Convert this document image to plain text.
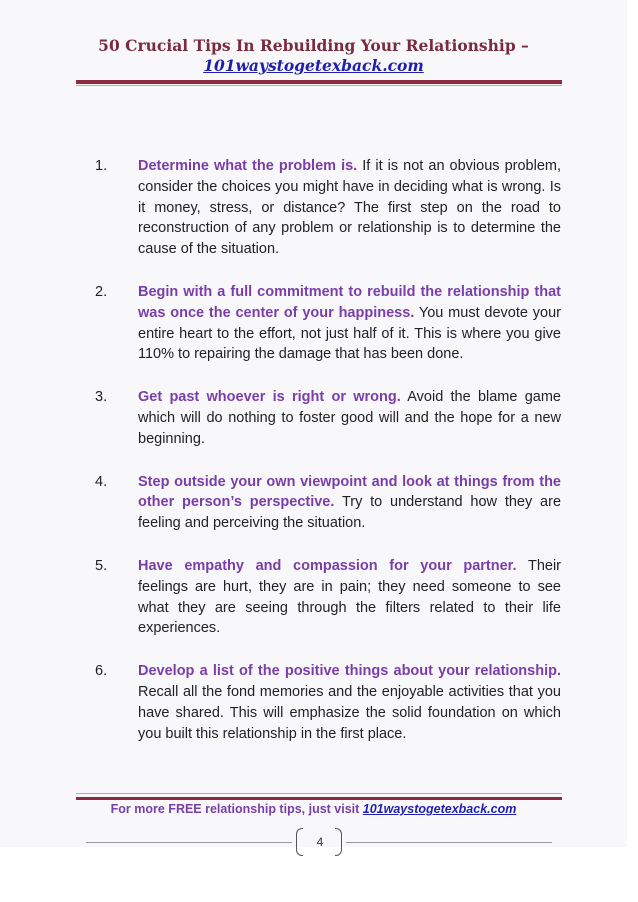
50 Crucial Tips In Rebuilding Your Relationship –
101waystogetexback.com
1. Determine what the problem is. If it is not an obvious problem, consider the choices you might have in deciding what is wrong. Is it money, stress, or distance? The first step on the road to reconstruction of any problem or relationship is to determine the cause of the situation.
2. Begin with a full commitment to rebuild the relationship that was once the center of your happiness. You must devote your entire heart to the effort, not just half of it. This is where you give 110% to repairing the damage that has been done.
3. Get past whoever is right or wrong. Avoid the blame game which will do nothing to foster good will and the hope for a new beginning.
4. Step outside your own viewpoint and look at things from the other person’s perspective. Try to understand how they are feeling and perceiving the situation.
5. Have empathy and compassion for your partner. Their feelings are hurt, they are in pain; they need someone to see what they are seeing through the filters related to their life experiences.
6. Develop a list of the positive things about your relationship. Recall all the fond memories and the enjoyable activities that you have shared. This will emphasize the solid foundation on which you built this relationship in the first place.
For more FREE relationship tips, just visit 101waystogetexback.com
4
